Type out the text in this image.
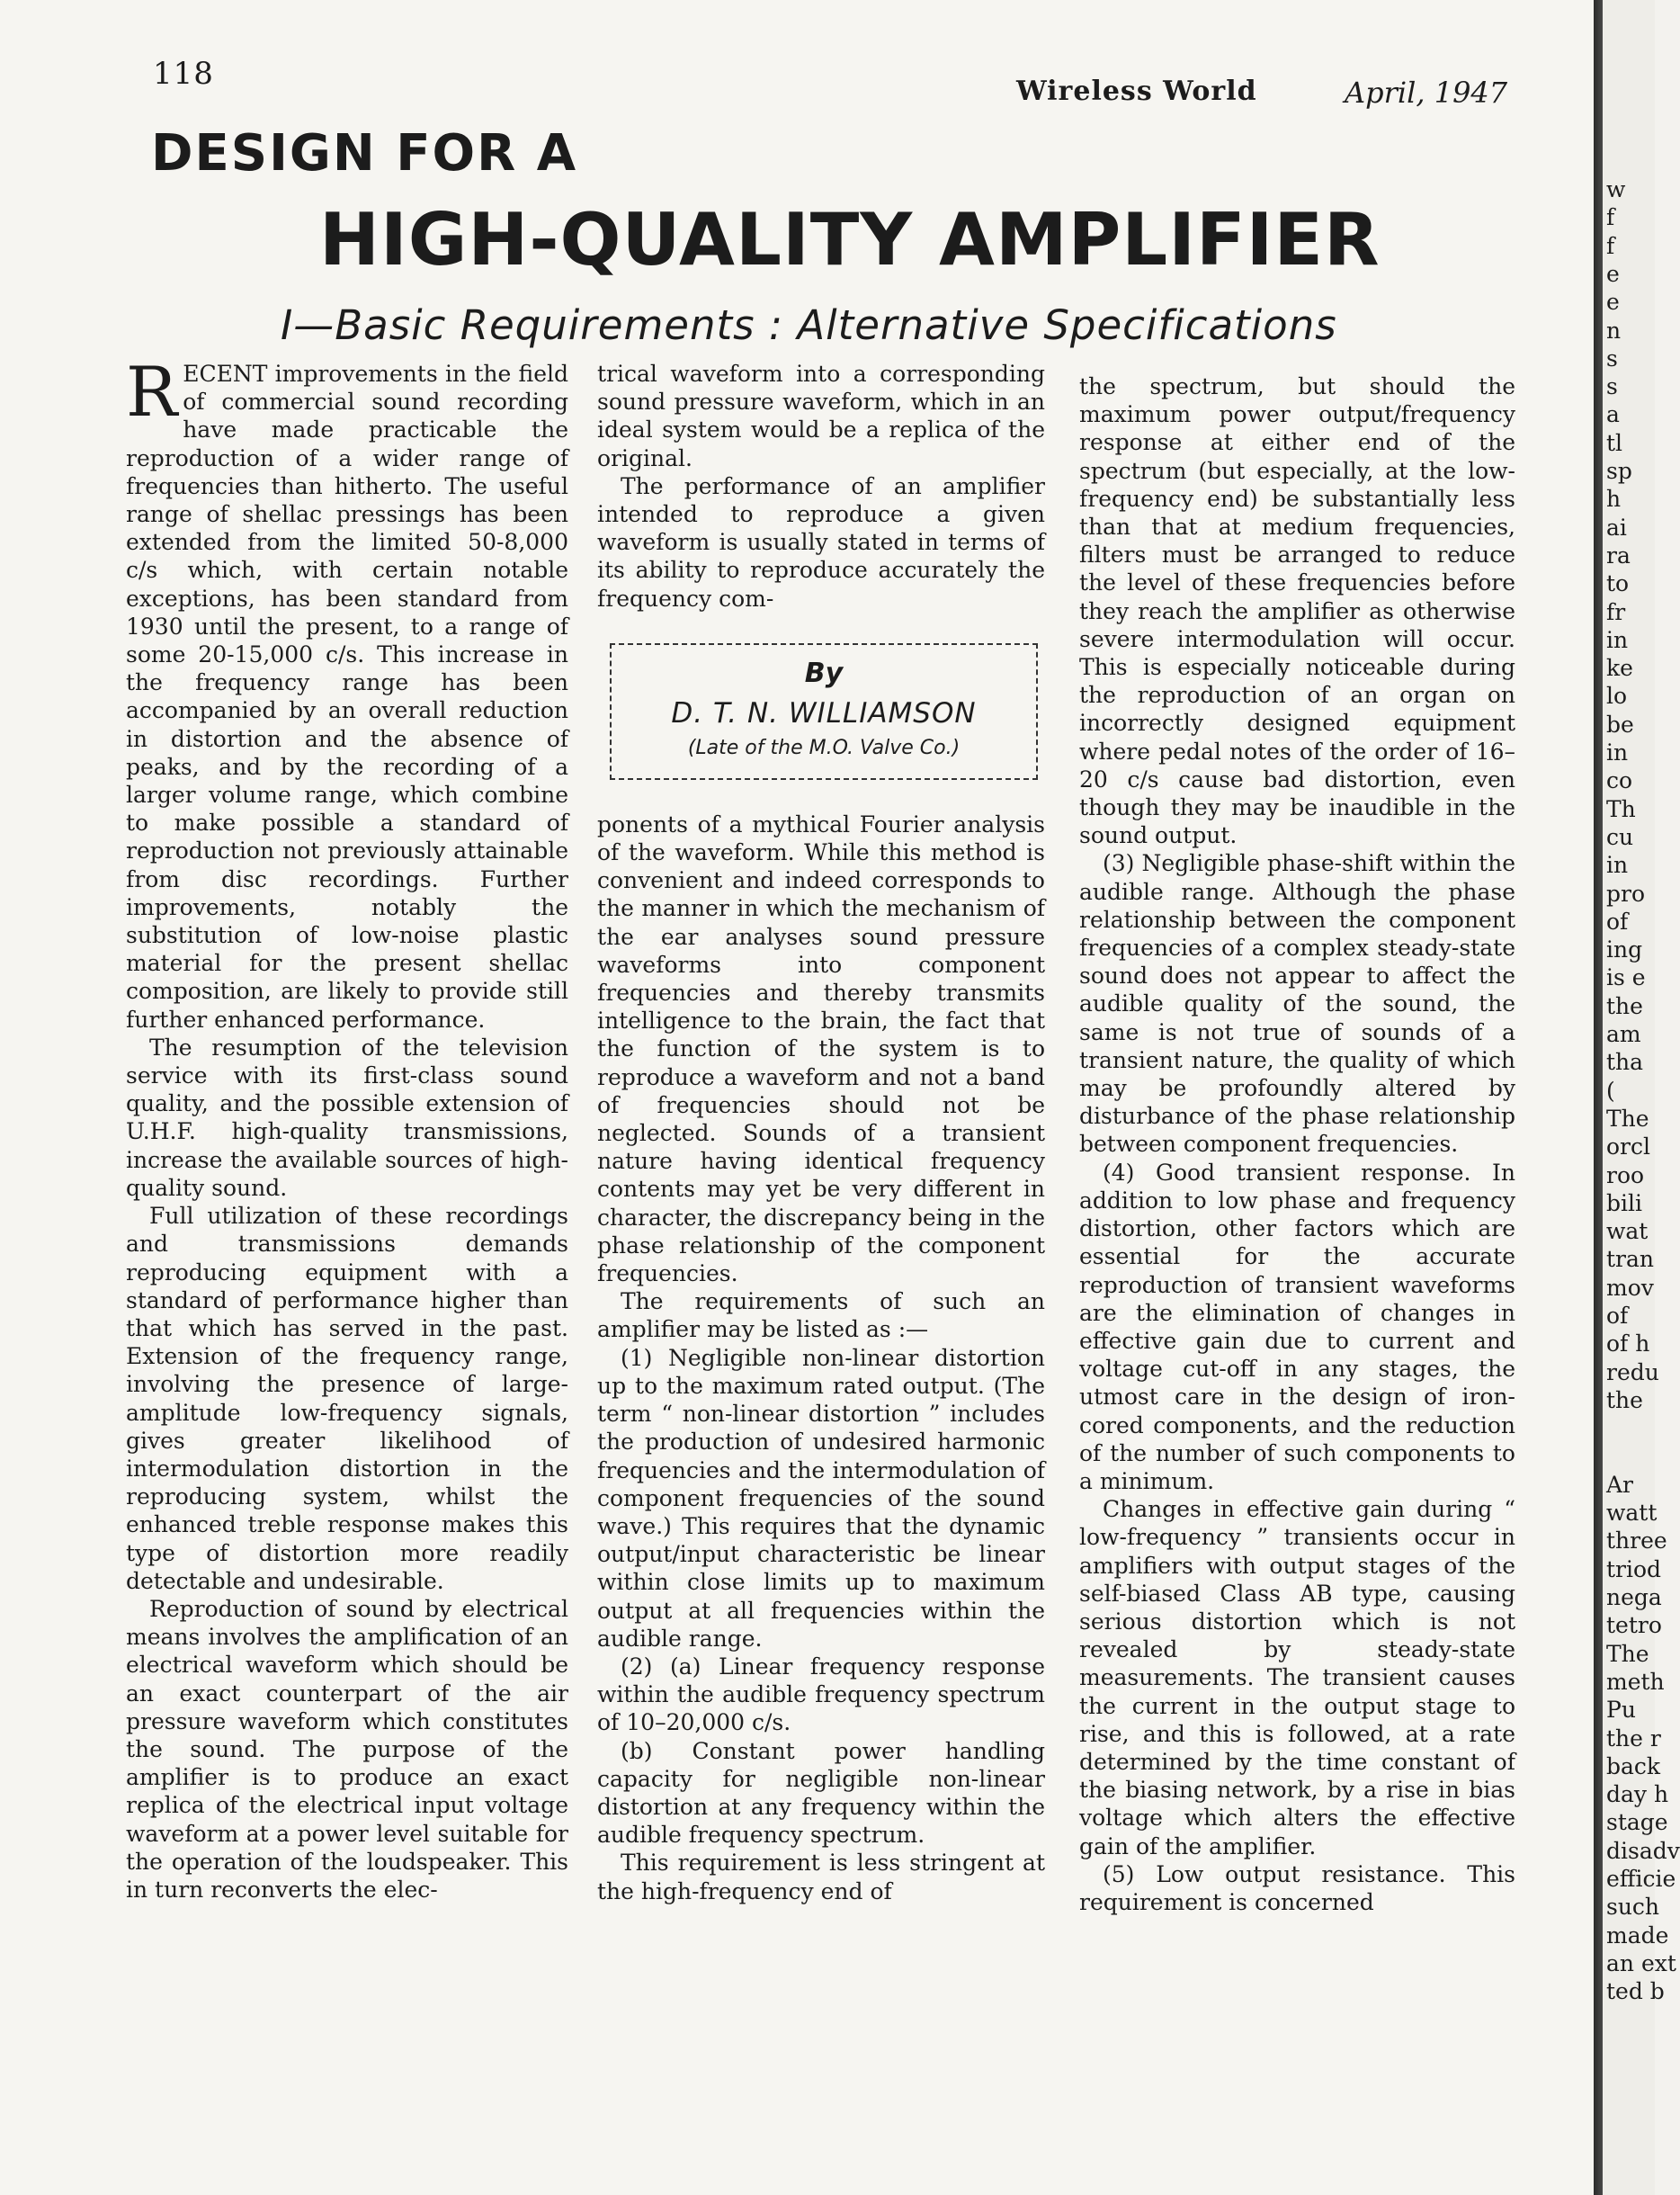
118	Wireless World	April, 1947
DESIGN FOR A
HIGH-QUALITY AMPLIFIER
I—Basic Requirements : Alternative Specifications

RECENT improvements in the field of commercial sound recording have made practicable the reproduction of a wider range of frequencies than hitherto. The useful range of shellac pressings has been extended from the limited 50-8,000 c/s which, with certain notable exceptions, has been standard from 1930 until the present, to a range of some 20-15,000 c/s. This increase in the frequency range has been accompanied by an overall reduction in distortion and the absence of peaks, and by the recording of a larger volume range, which combine to make possible a standard of reproduction not previously attainable from disc recordings. Further improvements, notably the substitution of low-noise plastic material for the present shellac composition, are likely to provide still further enhanced performance.

The resumption of the television service with its first-class sound quality, and the possible extension of U.H.F. high-quality transmissions, increase the available sources of high-quality sound.

Full utilization of these recordings and transmissions demands reproducing equipment with a standard of performance higher than that which has served in the past. Extension of the frequency range, involving the presence of large-amplitude low-frequency signals, gives greater likelihood of intermodulation distortion in the reproducing system, whilst the enhanced treble response makes this type of distortion more readily detectable and undesirable.

Reproduction of sound by electrical means involves the amplification of an electrical waveform which should be an exact counterpart of the air pressure waveform which constitutes the sound. The purpose of the amplifier is to produce an exact replica of the electrical input voltage waveform at a power level suitable for the operation of the loudspeaker. This in turn reconverts the elec-

trical waveform into a corresponding sound pressure waveform, which in an ideal system would be a replica of the original.

The performance of an amplifier intended to reproduce a given waveform is usually stated in terms of its ability to reproduce accurately the frequency com-

By
D. T. N. WILLIAMSON
(Late of the M.O. Valve Co.)

ponents of a mythical Fourier analysis of the waveform. While this method is convenient and indeed corresponds to the manner in which the mechanism of the ear analyses sound pressure waveforms into component frequencies and thereby transmits intelligence to the brain, the fact that the function of the system is to reproduce a waveform and not a band of frequencies should not be neglected. Sounds of a transient nature having identical frequency contents may yet be very different in character, the discrepancy being in the phase relationship of the component frequencies.

The requirements of such an amplifier may be listed as :—

(1) Negligible non-linear distortion up to the maximum rated output. (The term “ non-linear distortion ” includes the production of undesired harmonic frequencies and the intermodulation of component frequencies of the sound wave.) This requires that the dynamic output/input characteristic be linear within close limits up to maximum output at all frequencies within the audible range.

(2) (a) Linear frequency response within the audible frequency spectrum of 10–20,000 c/s.

(b) Constant power handling capacity for negligible non-linear distortion at any frequency within the audible frequency spectrum.

This requirement is less stringent at the high-frequency end of

the spectrum, but should the maximum power output/frequency response at either end of the spectrum (but especially, at the low-frequency end) be substantially less than that at medium frequencies, filters must be arranged to reduce the level of these frequencies before they reach the amplifier as otherwise severe intermodulation will occur. This is especially noticeable during the reproduction of an organ on incorrectly designed equipment where pedal notes of the order of 16–20 c/s cause bad distortion, even though they may be inaudible in the sound output.

(3) Negligible phase-shift within the audible range. Although the phase relationship between the component frequencies of a complex steady-state sound does not appear to affect the audible quality of the sound, the same is not true of sounds of a transient nature, the quality of which may be profoundly altered by disturbance of the phase relationship between component frequencies.

(4) Good transient response. In addition to low phase and frequency distortion, other factors which are essential for the accurate reproduction of transient waveforms are the elimination of changes in effective gain due to current and voltage cut-off in any stages, the utmost care in the design of iron-cored components, and the reduction of the number of such components to a minimum.

Changes in effective gain during “ low-frequency ” transients occur in amplifiers with output stages of the self-biased Class AB type, causing serious distortion which is not revealed by steady-state measurements. The transient causes the current in the output stage to rise, and this is followed, at a rate determined by the time constant of the biasing network, by a rise in bias voltage which alters the effective gain of the amplifier.

(5) Low output resistance. This requirement is concerned

w
f
f
e
e
n
s
s
a
tl
sp
h
ai
ra
to
fr
in
ke
lo
be
in
co
Th
cu
in
pro
of
ing
is e
the
am
tha
(
The
orcl
roo
bili
wat
tran
mov
of
of h
redu
the
Ar
watt
three
triod
nega
tetro
The
meth
Pu
the r
back
day h
stage
disadv
efficie
such
made
an ext
ted b
